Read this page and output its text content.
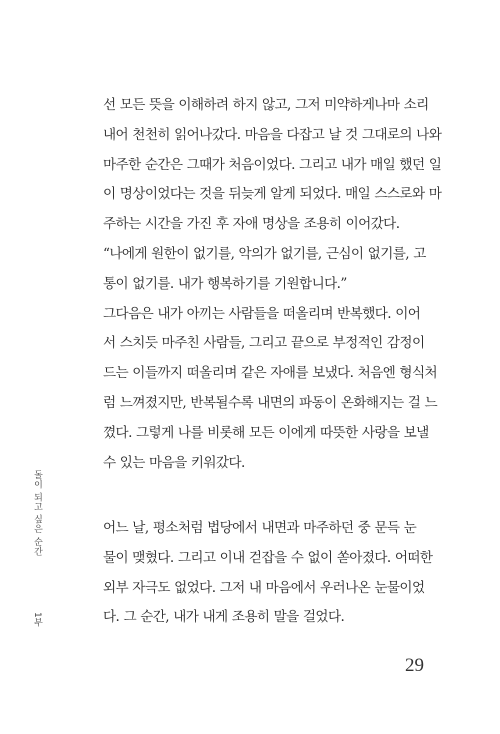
선 모든 뜻을 이해하려 하지 않고, 그저 미약하게나마 소리
내어 천천히 읽어나갔다. 마음을 다잡고 날 것 그대로의 나와
마주한 순간은 그때가 처음이었다. 그리고 내가 매일 했던 일
이 명상이었다는 것을 뒤늦게 알게 되었다. 매일 스스로와 마
주하는 시간을 가진 후 자애 명상을 조용히 이어갔다.
“나에게 원한이 없기를, 악의가 없기를, 근심이 없기를, 고
통이 없기를. 내가 행복하기를 기원합니다.”
그다음은 내가 아끼는 사람들을 떠올리며 반복했다. 이어
서 스치듯 마주친 사람들, 그리고 끝으로 부정적인 감정이
드는 이들까지 떠올리며 같은 자애를 보냈다. 처음엔 형식처
럼 느껴졌지만, 반복될수록 내면의 파동이 온화해지는 걸 느
꼈다. 그렇게 나를 비롯해 모든 이에게 따뜻한 사랑을 보낼
수 있는 마음을 키워갔다.
어느 날, 평소처럼 법당에서 내면과 마주하던 중 문득 눈
물이 맺혔다. 그리고 이내 걷잡을 수 없이 쏟아졌다. 어떠한
외부 자극도 없었다. 그저 내 마음에서 우러나온 눈물이었
다. 그 순간, 내가 내게 조용히 말을 걸었다.
돌이 되고 싶은 순간
1부
29
